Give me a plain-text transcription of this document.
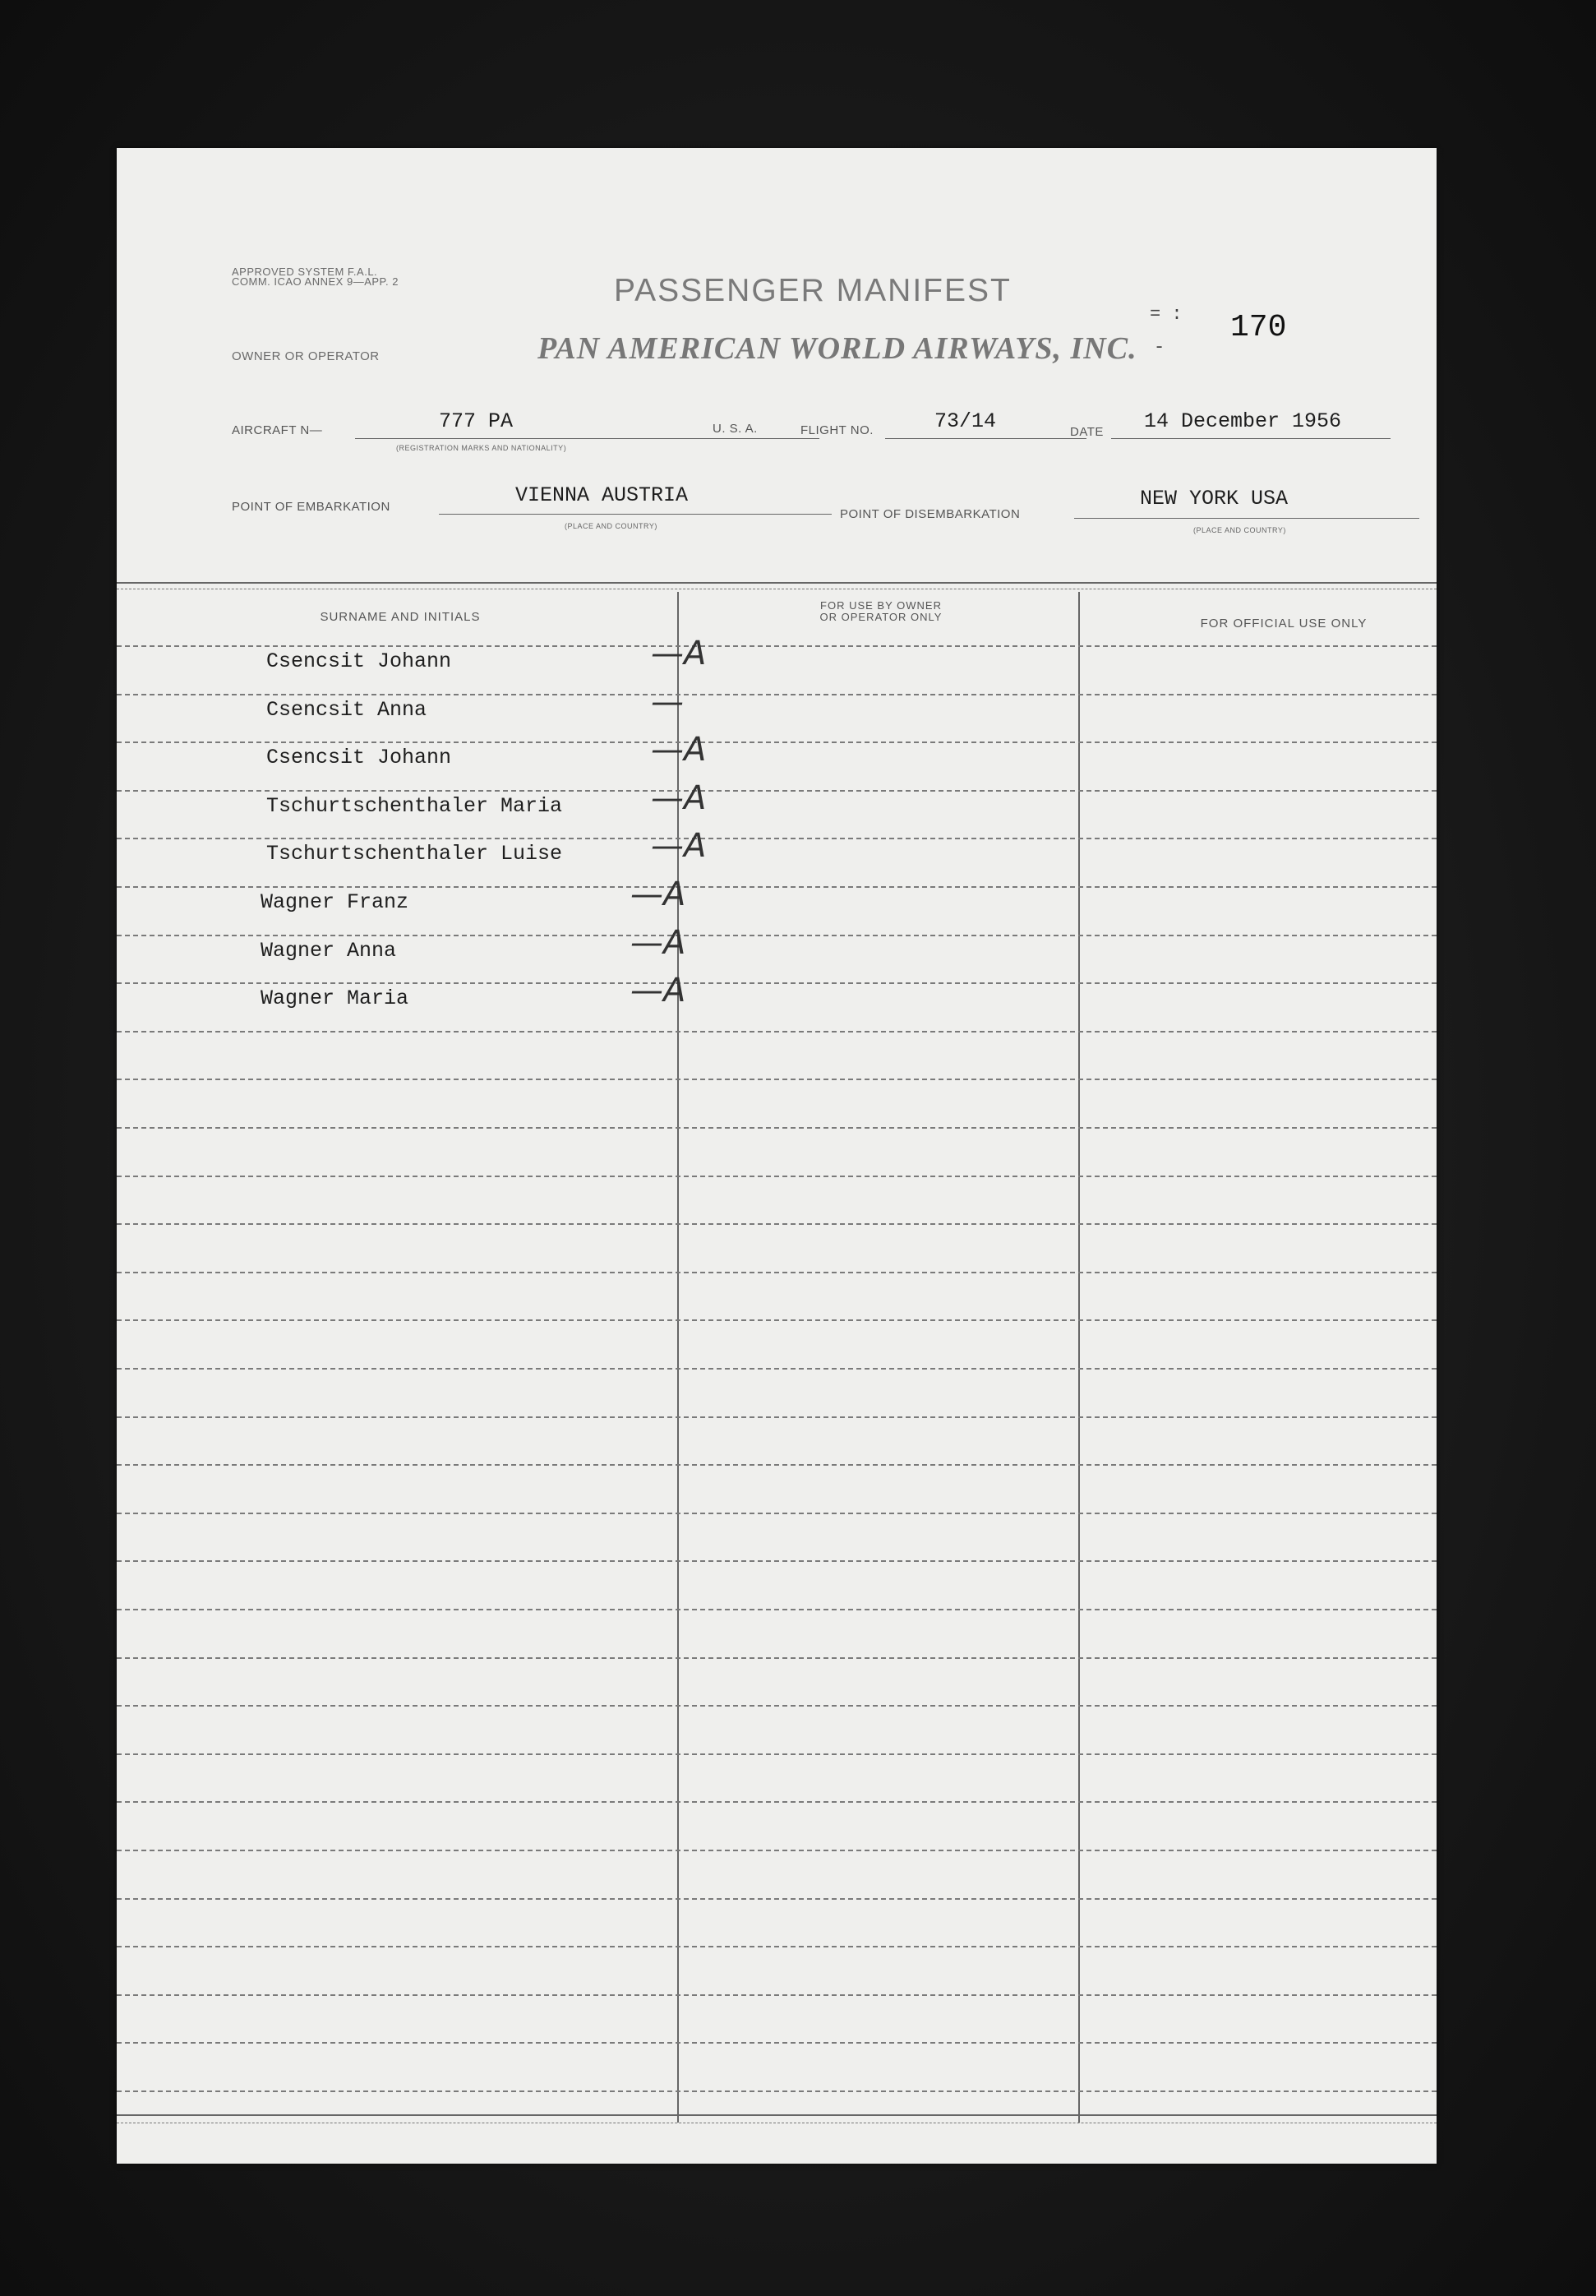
APPROVED SYSTEM F.A.L. COMM. ICAO ANNEX 9—APP. 2	PASSENGER MANIFEST
OWNER OR OPERATOR	PAN AMERICAN WORLD AIRWAYS, INC.
= :
-
170
AIRCRAFT N—	777 PA
(REGISTRATION MARKS AND NATIONALITY)
U. S. A.	FLIGHT NO.	73/14	DATE 14 December 1956
POINT OF EMBARKATION	VIENNA AUSTRIA
(PLACE AND COUNTRY)
POINT OF DISEMBARKATION
NEW YORK USA
(PLACE AND COUNTRY)
SURNAME AND INITIALS
FOR USE BY OWNER
OR OPERATOR ONLY	FOR OFFICIAL USE ONLY
Csencsit Johann	—A
Csencsit Anna	—
Csencsit Johann	—A
Tschurtschenthaler Maria	—A
Tschurtschenthaler Luise	—A
Wagner Franz	—A
Wagner Anna	—A
Wagner Maria	—A
